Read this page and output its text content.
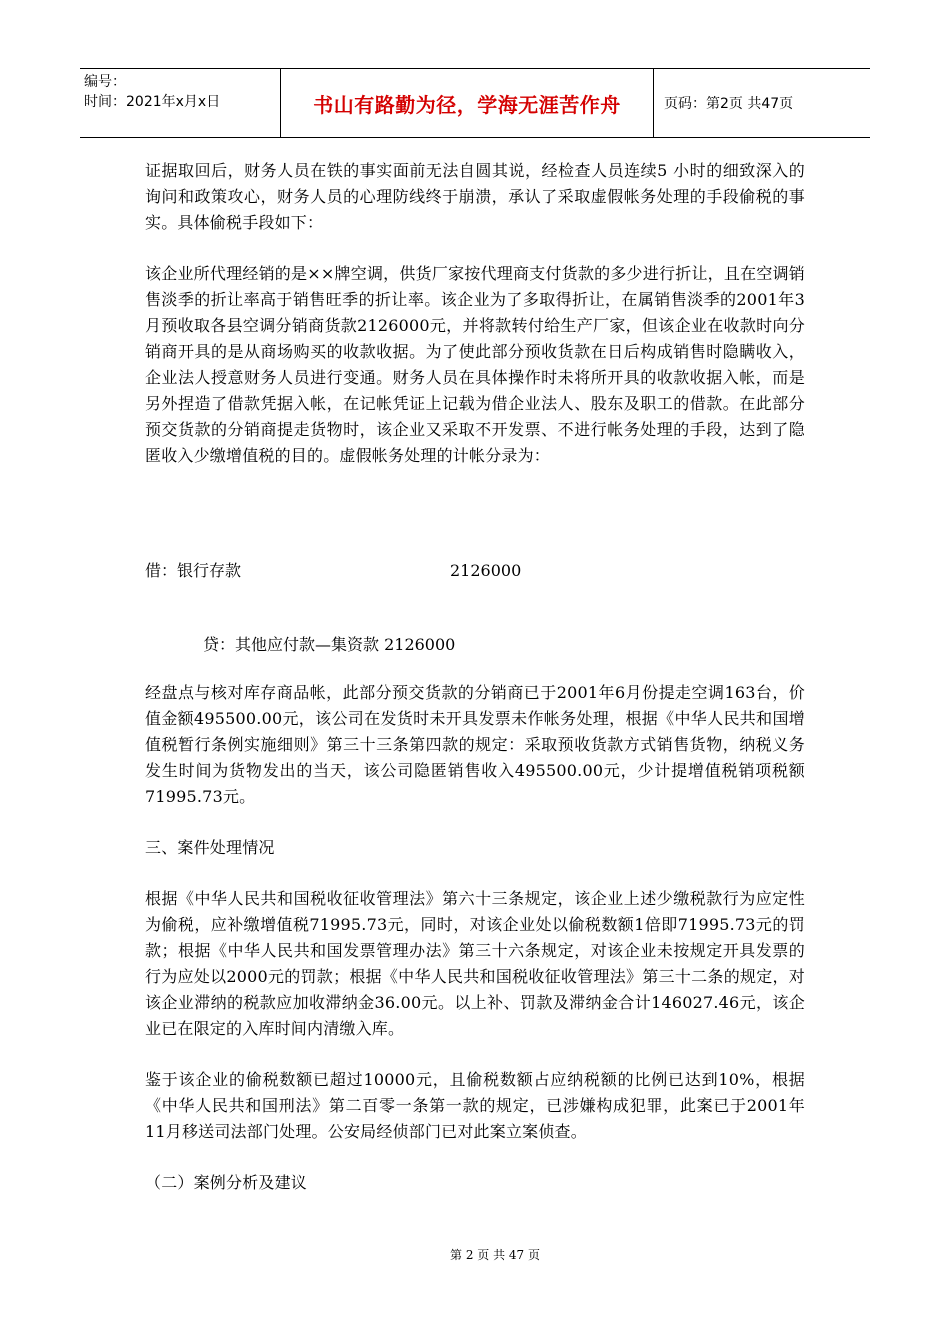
编号：
时间：2021年x月x日	书山有路勤为径，学海无涯苦作舟	页码：第2页 共47页

证据取回后，财务人员在铁的事实面前无法自圆其说，经检查人员连续5 小时的细致深入的询问和政策攻心，财务人员的心理防线终于崩溃，承认了采取虚假帐务处理的手段偷税的事实。具体偷税手段如下：

该企业所代理经销的是××牌空调，供货厂家按代理商支付货款的多少进行折让，且在空调销售淡季的折让率高于销售旺季的折让率。该企业为了多取得折让，在属销售淡季的2001年3月预收取各县空调分销商货款2126000元，并将款转付给生产厂家，但该企业在收款时向分销商开具的是从商场购买的收款收据。为了使此部分预收货款在日后构成销售时隐瞒收入，企业法人授意财务人员进行变通。财务人员在具体操作时未将所开具的收款收据入帐，而是另外捏造了借款凭据入帐，在记帐凭证上记载为借企业法人、股东及职工的借款。在此部分预交货款的分销商提走货物时，该企业又采取不开发票、不进行帐务处理的手段，达到了隐匿收入少缴增值税的目的。虚假帐务处理的计帐分录为：

借：银行存款	2126000
贷：其他应付款—集资款 2126000

经盘点与核对库存商品帐，此部分预交货款的分销商已于2001年6月份提走空调163台，价值金额495500.00元，该公司在发货时未开具发票未作帐务处理，根据《中华人民共和国增值税暂行条例实施细则》第三十三条第四款的规定：采取预收货款方式销售货物，纳税义务发生时间为货物发出的当天，该公司隐匿销售收入495500.00元，少计提增值税销项税额71995.73元。

三、案件处理情况

根据《中华人民共和国税收征收管理法》第六十三条规定，该企业上述少缴税款行为应定性为偷税，应补缴增值税71995.73元，同时，对该企业处以偷税数额1倍即71995.73元的罚款；根据《中华人民共和国发票管理办法》第三十六条规定，对该企业未按规定开具发票的行为应处以2000元的罚款；根据《中华人民共和国税收征收管理法》第三十二条的规定，对该企业滞纳的税款应加收滞纳金36.00元。以上补、罚款及滞纳金合计146027.46元，该企业已在限定的入库时间内清缴入库。

鉴于该企业的偷税数额已超过10000元，且偷税数额占应纳税额的比例已达到10%，根据《中华人民共和国刑法》第二百零一条第一款的规定，已涉嫌构成犯罪，此案已于2001年11月移送司法部门处理。公安局经侦部门已对此案立案侦查。

（二）案例分析及建议

第 2 页 共 47 页
